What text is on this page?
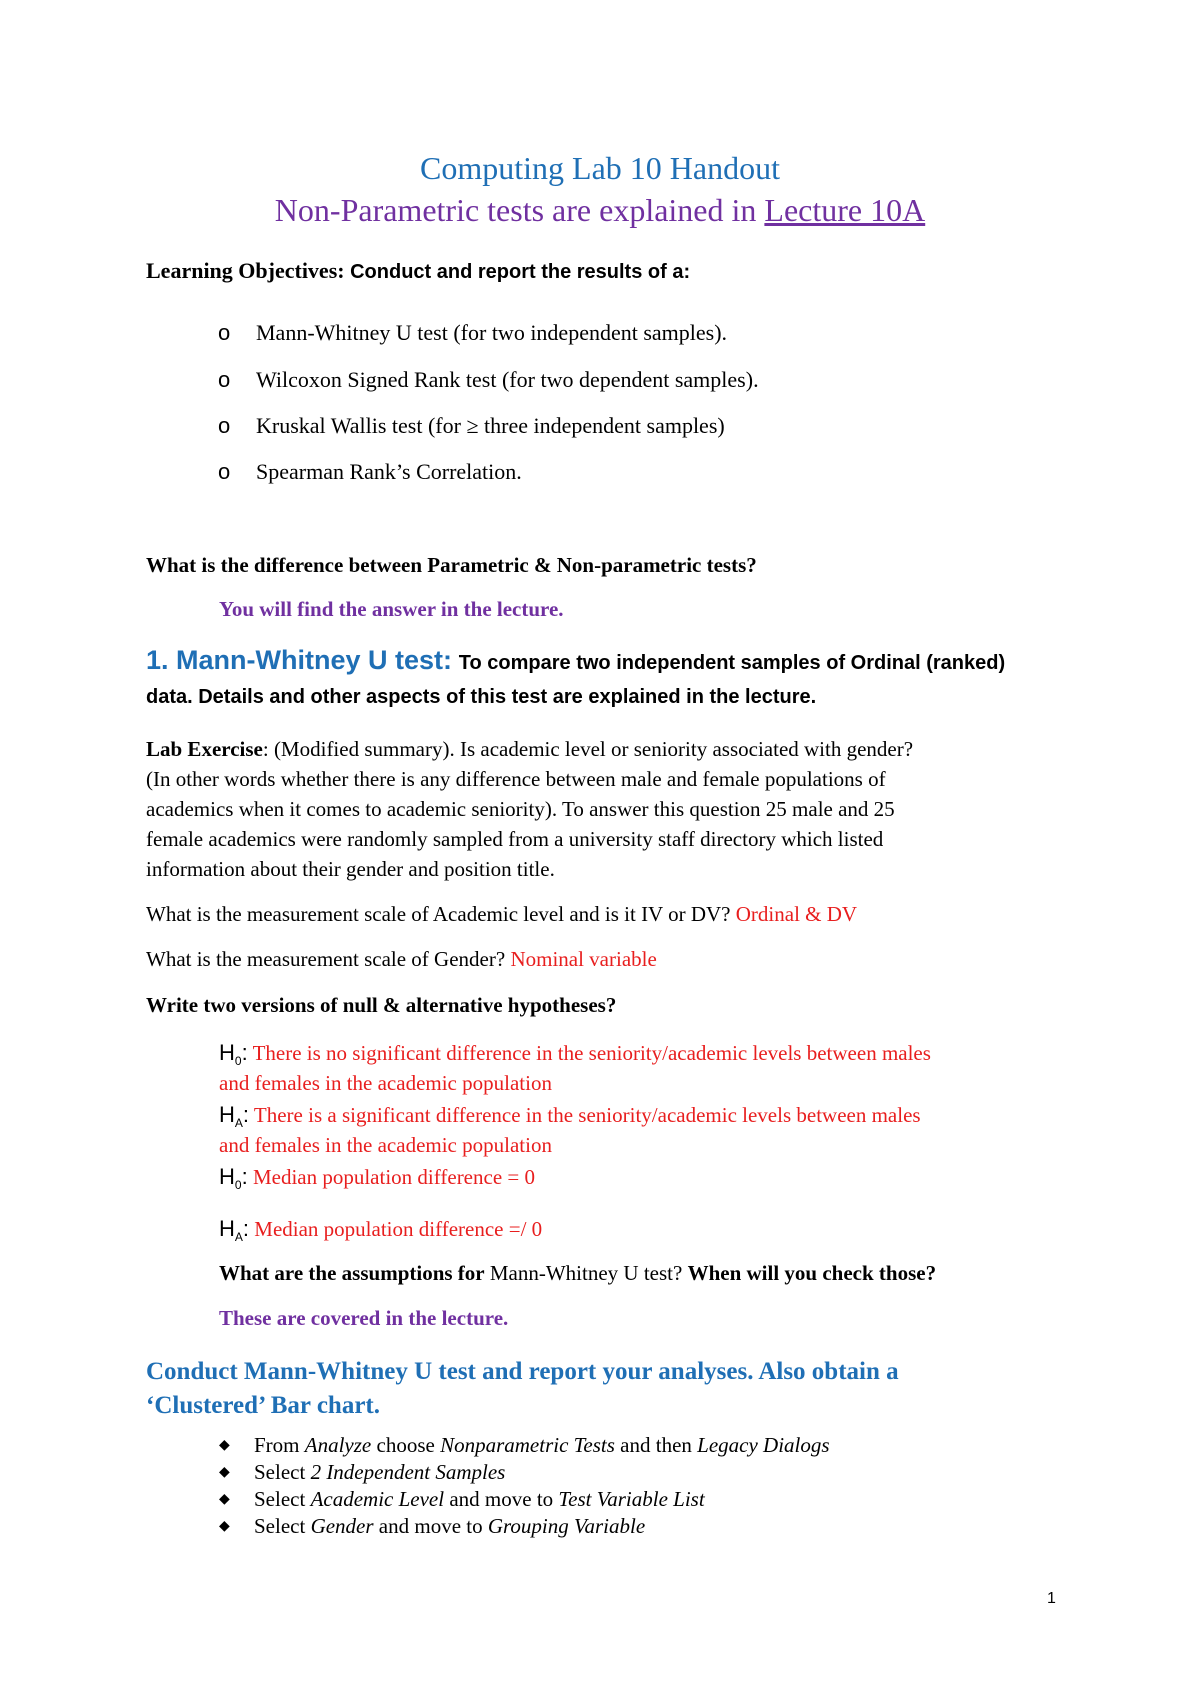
Computing Lab 10 Handout
Non-Parametric tests are explained in Lecture 10A
Learning Objectives: Conduct and report the results of a:
o Mann-Whitney U test (for two independent samples).
o Wilcoxon Signed Rank test (for two dependent samples).
o Kruskal Wallis test (for ≥ three independent samples)
o Spearman Rank’s Correlation.
What is the difference between Parametric & Non-parametric tests?
You will find the answer in the lecture.
1. Mann-Whitney U test: To compare two independent samples of Ordinal (ranked)
data. Details and other aspects of this test are explained in the lecture.
Lab Exercise: (Modified summary). Is academic level or seniority associated with gender?
(In other words whether there is any difference between male and female populations of
academics when it comes to academic seniority). To answer this question 25 male and 25
female academics were randomly sampled from a university staff directory which listed
information about their gender and position title.
What is the measurement scale of Academic level and is it IV or DV? Ordinal & DV
What is the measurement scale of Gender? Nominal variable
Write two versions of null & alternative hypotheses?
$H_0$: There is no significant difference in the seniority/academic levels between males
and females in the academic population
$H_A$: There is a significant difference in the seniority/academic levels between males
and females in the academic population
$H_0$: Median population difference = 0
$H_A$: Median population difference =/ 0
What are the assumptions for Mann-Whitney U test? When will you check those?
These are covered in the lecture.
Conduct Mann-Whitney U test and report your analyses. Also obtain a
‘Clustered’ Bar chart.
◆ From Analyze choose Nonparametric Tests and then Legacy Dialogs
◆ Select 2 Independent Samples
◆ Select Academic Level and move to Test Variable List
◆ Select Gender and move to Grouping Variable
1
